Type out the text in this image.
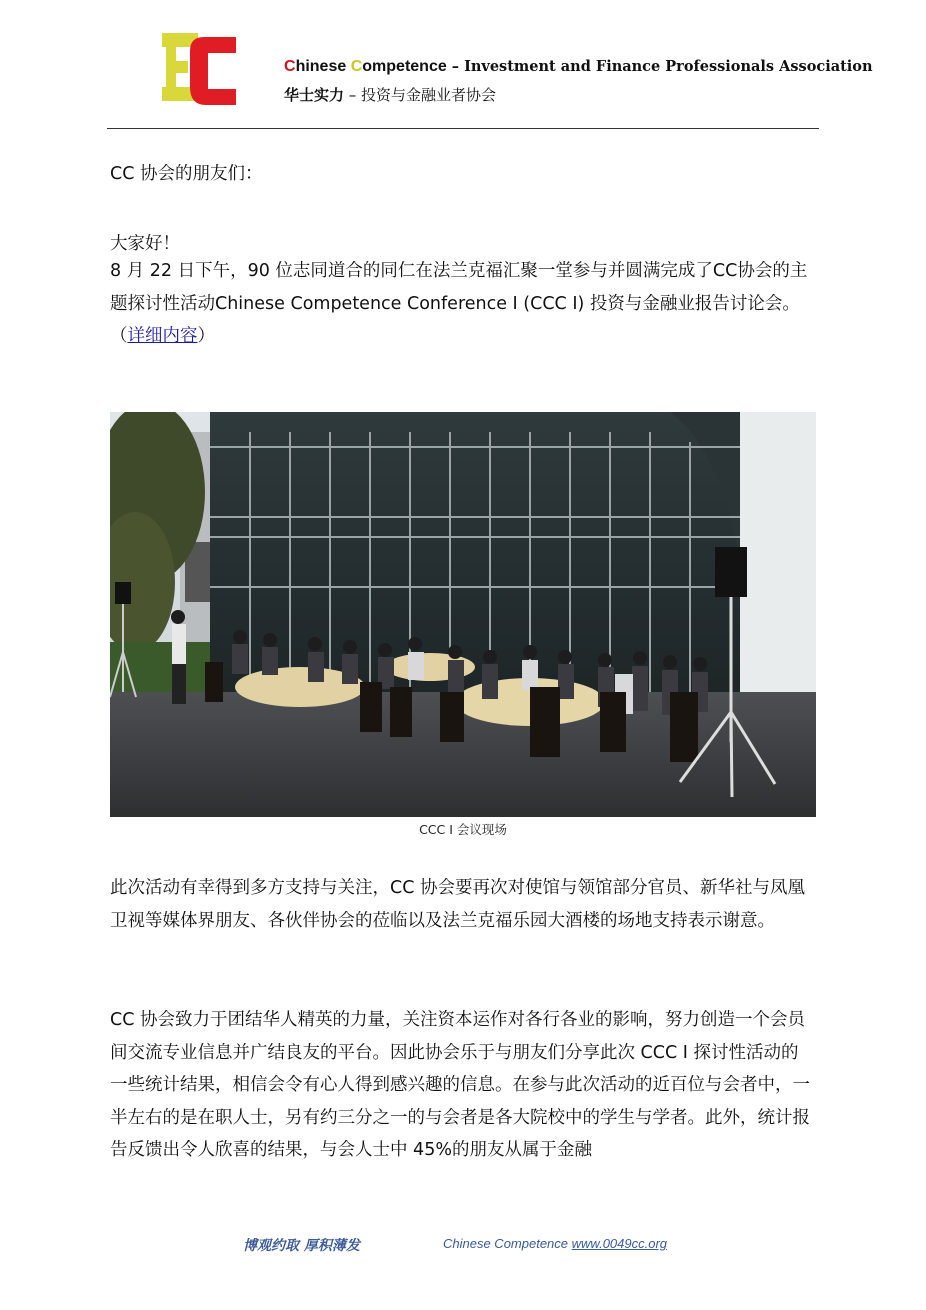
Chinese Competence – Investment and Finance Professionals Association
华士实力 – 投资与金融业者协会
CC 协会的朋友们：
大家好！
8 月 22 日下午，90 位志同道合的同仁在法兰克福汇聚一堂参与并圆满完成了CC协会的主题探讨性活动Chinese Competence Conference I (CCC I) 投资与金融业报告讨论会。（详细内容）
CCC I 会议现场
此次活动有幸得到多方支持与关注，CC 协会要再次对使馆与领馆部分官员、新华社与凤凰卫视等媒体界朋友、各伙伴协会的莅临以及法兰克福乐园大酒楼的场地支持表示谢意。
CC 协会致力于团结华人精英的力量，关注资本运作对各行各业的影响，努力创造一个会员间交流专业信息并广结良友的平台。因此协会乐于与朋友们分享此次 CCC I 探讨性活动的一些统计结果，相信会令有心人得到感兴趣的信息。在参与此次活动的近百位与会者中，一半左右的是在职人士，另有约三分之一的与会者是各大院校中的学生与学者。此外，统计报告反馈出令人欣喜的结果，与会人士中 45%的朋友从属于金融
博观约取 厚积薄发	Chinese Competence www.0049cc.org
